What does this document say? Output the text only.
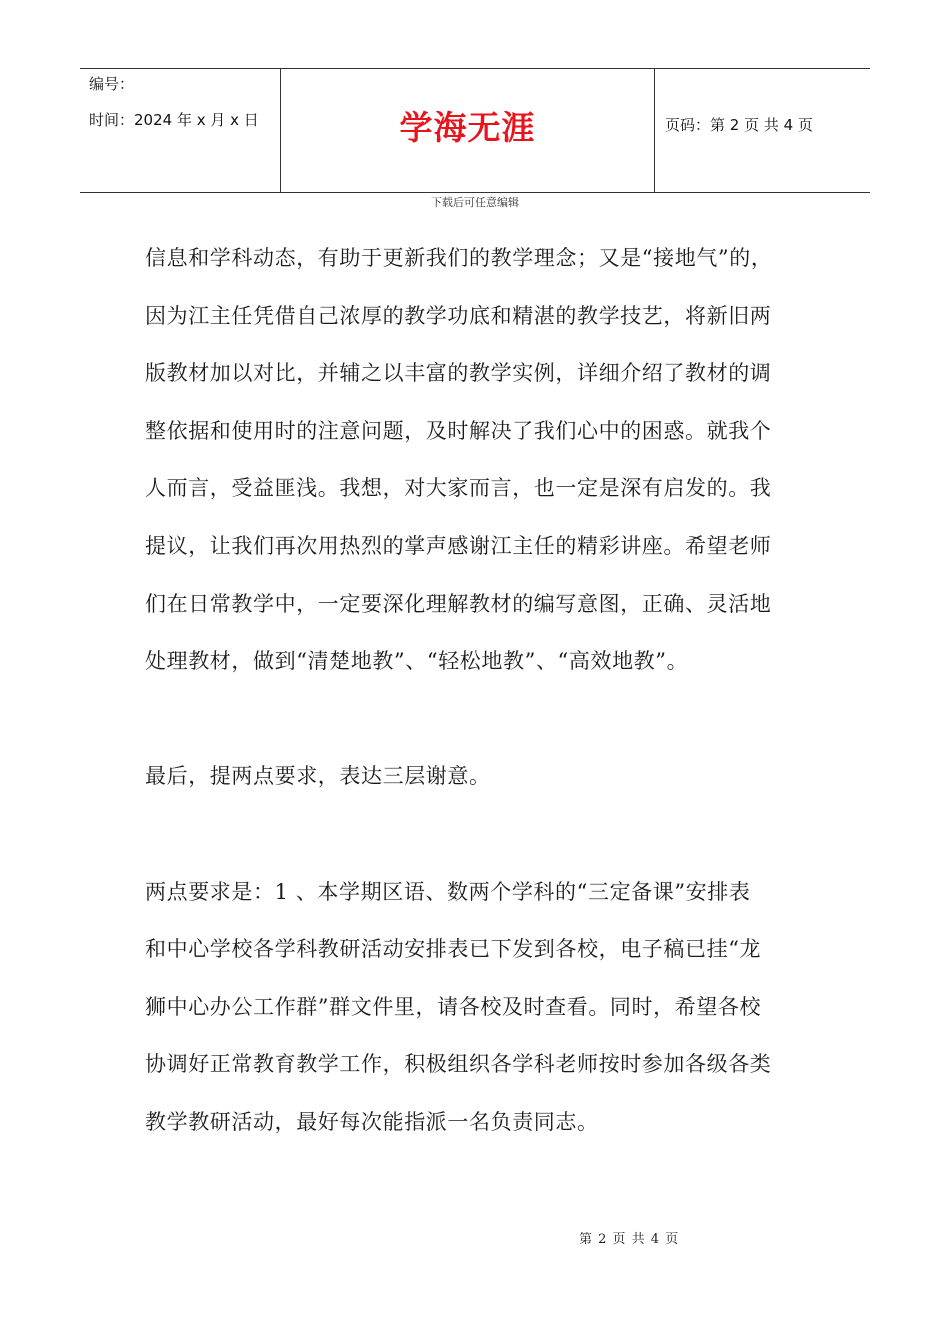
编号：
时间：2024 年 x 月 x 日	学海无涯	页码：第 2 页 共 4 页
下载后可任意编辑
信息和学科动态，有助于更新我们的教学理念；又是“接地气”的，
因为江主任凭借自己浓厚的教学功底和精湛的教学技艺，将新旧两
版教材加以对比，并辅之以丰富的教学实例，详细介绍了教材的调
整依据和使用时的注意问题，及时解决了我们心中的困惑。就我个
人而言，受益匪浅。我想，对大家而言，也一定是深有启发的。我
提议，让我们再次用热烈的掌声感谢江主任的精彩讲座。希望老师
们在日常教学中，一定要深化理解教材的编写意图，正确、灵活地
处理教材，做到“清楚地教”、“轻松地教”、“高效地教”。
最后，提两点要求，表达三层谢意。
两点要求是：1 、本学期区语、数两个学科的“三定备课”安排表
和中心学校各学科教研活动安排表已下发到各校，电子稿已挂“龙
狮中心办公工作群”群文件里，请各校及时查看。同时，希望各校
协调好正常教育教学工作，积极组织各学科老师按时参加各级各类
教学教研活动，最好每次能指派一名负责同志。
第 2 页 共 4 页
